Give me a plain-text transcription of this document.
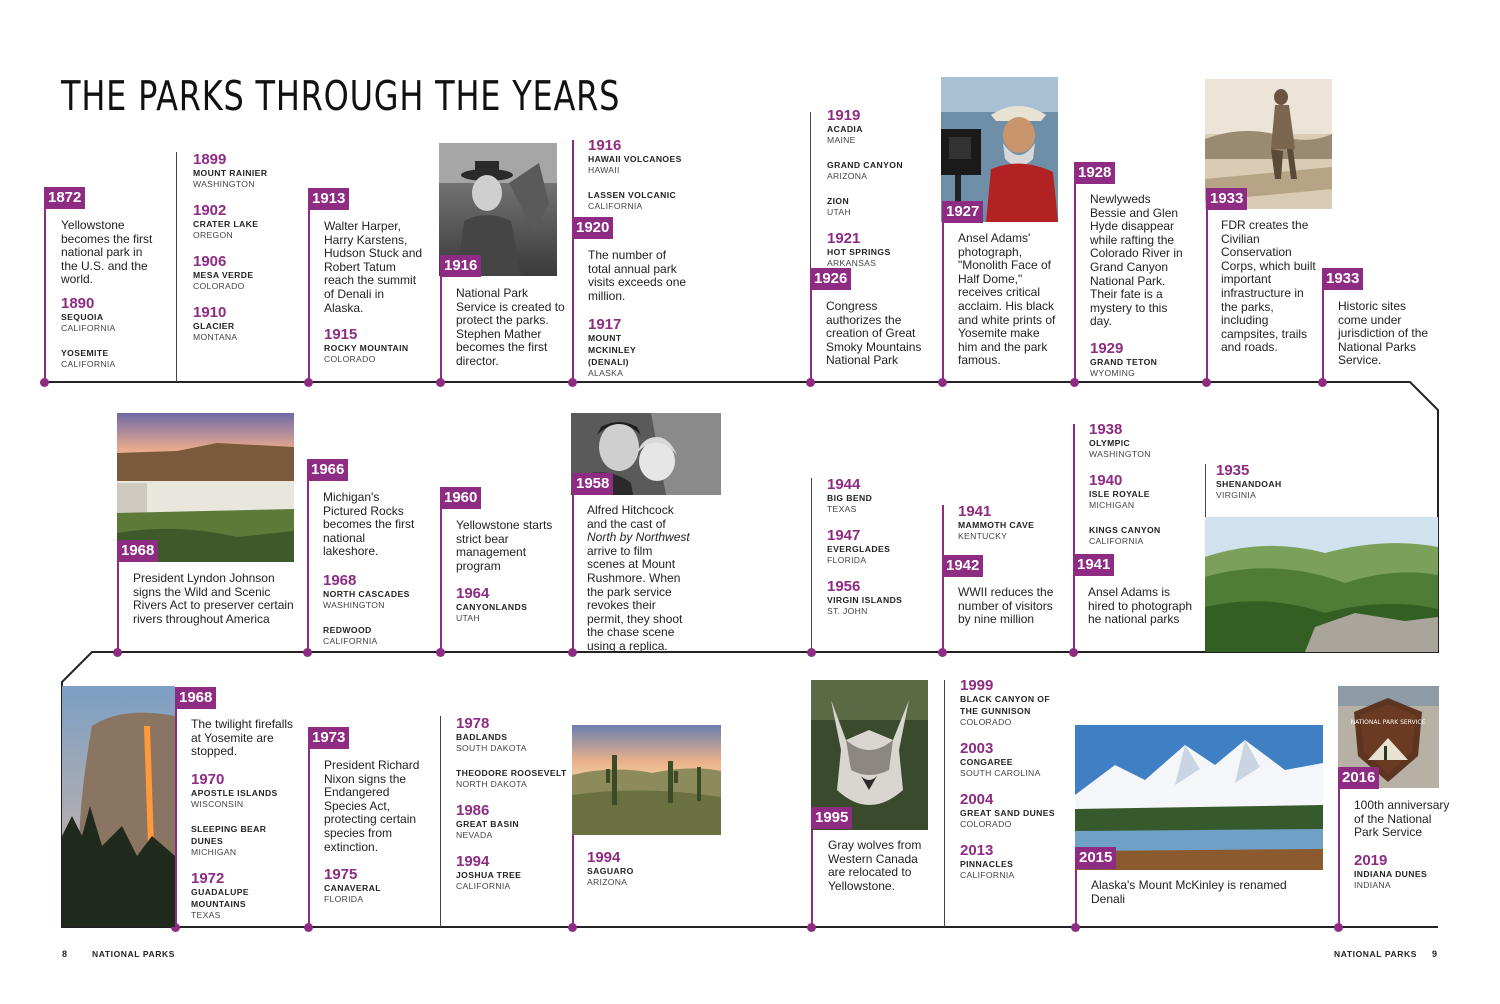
THE PARKS THROUGH THE YEARS
1872
Yellowstone becomes the first national park in the U.S. and the world.
1890
SEQUOIA
CALIFORNIA
YOSEMITE
CALIFORNIA
1899
MOUNT RAINIER
WASHINGTON
1902
CRATER LAKE
OREGON
1906
MESA VERDE
COLORADO
1910
GLACIER
MONTANA
1913
Walter Harper, Harry Karstens, Hudson Stuck and Robert Tatum reach the summit of Denali in Alaska.
1915
ROCKY MOUNTAIN
COLORADO
1916
National Park Service is created to protect the parks. Stephen Mather becomes the first director.
1916
HAWAII VOLCANOES
HAWAII
LASSEN VOLCANIC
CALIFORNIA
1920
The number of total annual park visits exceeds one million.
1917
MOUNT MCKINLEY (DENALI)
ALASKA
1919
ACADIA
MAINE
GRAND CANYON
ARIZONA
ZION
UTAH
1921
HOT SPRINGS
ARKANSAS
1926
Congress authorizes the creation of Great Smoky Mountains National Park
1927
Ansel Adams' photograph, "Monolith Face of Half Dome," receives critical acclaim. His black and white prints of Yosemite make him and the park famous.
1928
Newlyweds Bessie and Glen Hyde disappear while rafting the Colorado River in Grand Canyon National Park. Their fate is a mystery to this day.
1929
GRAND TETON
WYOMING
1933
FDR creates the Civilian Conservation Corps, which built important infrastructure in the parks, including campsites, trails and roads.
1933
Historic sites come under jurisdiction of the National Parks Service.
1968
President Lyndon Johnson signs the Wild and Scenic Rivers Act to preserver certain rivers throughout America
1966
Michigan's Pictured Rocks becomes the first national lakeshore.
1968
NORTH CASCADES
WASHINGTON
REDWOOD
CALIFORNIA
1960
Yellowstone starts strict bear management program
1964
CANYONLANDS
UTAH
1958
Alfred Hitchcock and the cast of North by Northwest arrive to film scenes at Mount Rushmore. When the park service revokes their permit, they shoot the chase scene using a replica.
1944
BIG BEND
TEXAS
1947
EVERGLADES
FLORIDA
1956
VIRGIN ISLANDS
ST. JOHN
1941
MAMMOTH CAVE
KENTUCKY
1942
WWII reduces the number of visitors by nine million
1938
OLYMPIC
WASHINGTON
1940
ISLE ROYALE
MICHIGAN
KINGS CANYON
CALIFORNIA
1941
Ansel Adams is hired to photograph he national parks
1935
SHENANDOAH
VIRGINIA
1968
The twilight firefalls at Yosemite are stopped.
1970
APOSTLE ISLANDS
WISCONSIN
SLEEPING BEAR DUNES
MICHIGAN
1972
GUADALUPE MOUNTAINS
TEXAS
1973
President Richard Nixon signs the Endangered Species Act, protecting certain species from extinction.
1975
CANAVERAL
FLORIDA
1978
BADLANDS
SOUTH DAKOTA
THEODORE ROOSEVELT
NORTH DAKOTA
1986
GREAT BASIN
NEVADA
1994
JOSHUA TREE
CALIFORNIA
1994
SAGUARO
ARIZONA
1995
Gray wolves from Western Canada are relocated to Yellowstone.
1999
BLACK CANYON OF THE GUNNISON
COLORADO
2003
CONGAREE
SOUTH CAROLINA
2004
GREAT SAND DUNES
COLORADO
2013
PINNACLES
CALIFORNIA
2015
Alaska's Mount McKinley is renamed Denali
NATIONAL PARK SERVICE
2016
100th anniversary of the National Park Service
2019
INDIANA DUNES
INDIANA
8	NATIONAL PARKS	NATIONAL PARKS 9
